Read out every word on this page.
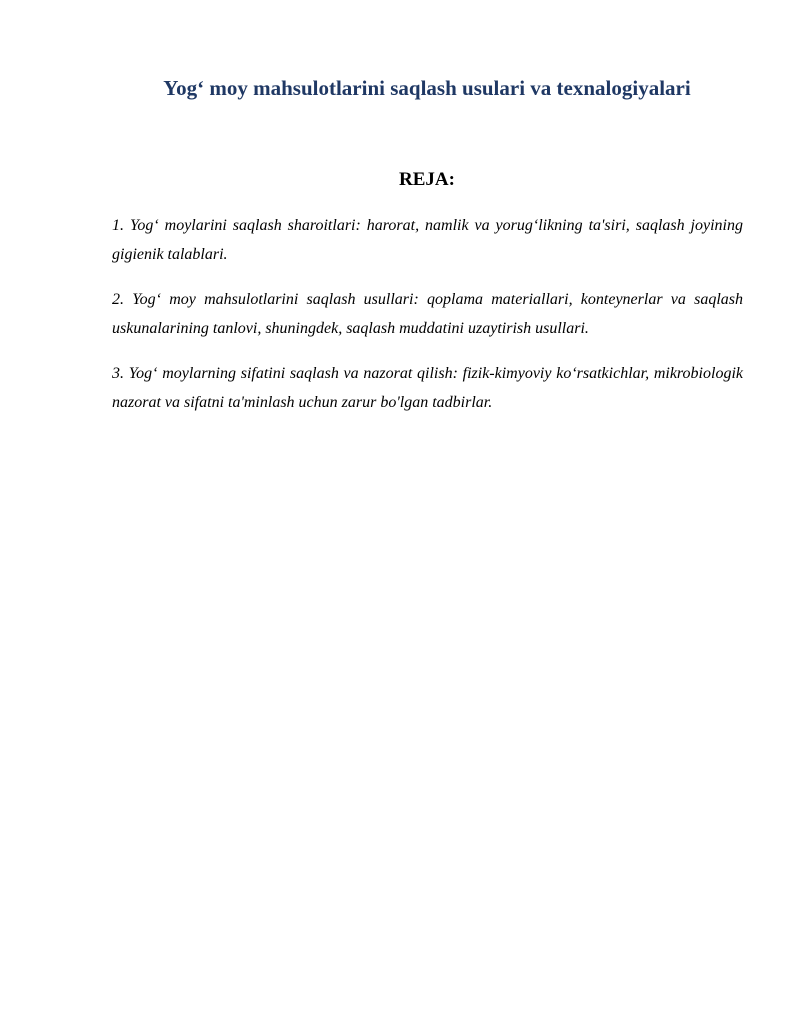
Yog‘ moy mahsulotlarini saqlash usulari va texnalogiyalari
REJA:
1. Yog‘ moylarini saqlash sharoitlari: harorat, namlik va yorug‘likning ta'siri, saqlash joyining gigienik talablari.
2. Yog‘ moy mahsulotlarini saqlash usullari: qoplama materiallari, konteynerlar va saqlash uskunalarining tanlovi, shuningdek, saqlash muddatini uzaytirish usullari.
3. Yog‘ moylarning sifatini saqlash va nazorat qilish: fizik-kimyoviy ko‘rsatkichlar, mikrobiologik nazorat va sifatni ta'minlash uchun zarur bo'lgan tadbirlar.
